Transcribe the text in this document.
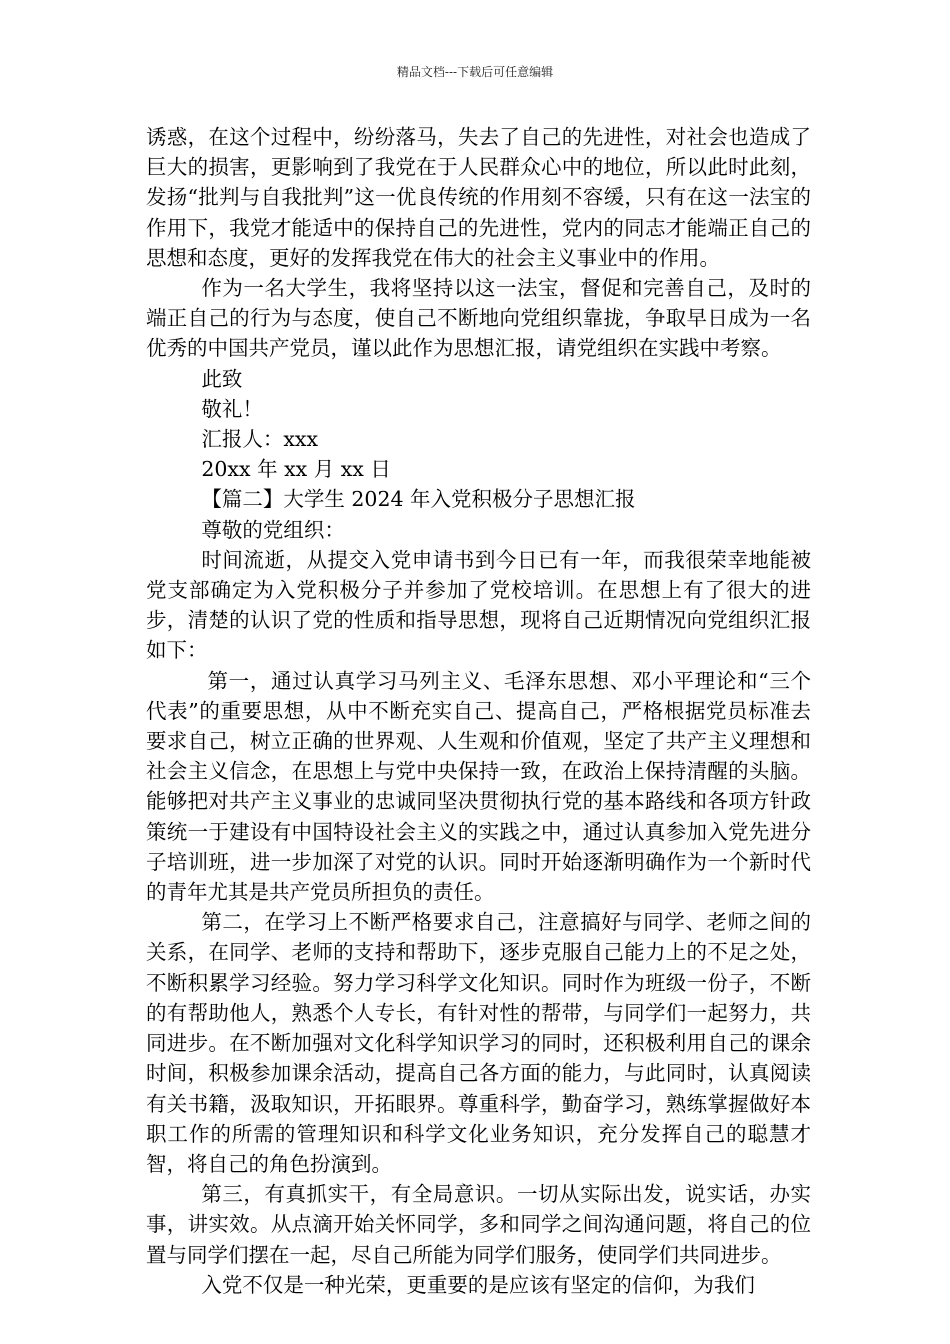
精品文档---下载后可任意编辑

诱惑，在这个过程中，纷纷落马，失去了自己的先进性，对社会也造成了巨大的损害，更影响到了我党在于人民群众心中的地位，所以此时此刻，发扬“批判与自我批判”这一优良传统的作用刻不容缓，只有在这一法宝的作用下，我党才能适中的保持自己的先进性，党内的同志才能端正自己的思想和态度，更好的发挥我党在伟大的社会主义事业中的作用。

作为一名大学生，我将坚持以这一法宝，督促和完善自己，及时的端正自己的行为与态度，使自己不断地向党组织靠拢，争取早日成为一名优秀的中国共产党员，谨以此作为思想汇报，请党组织在实践中考察。

此致

敬礼！

汇报人：xxx

20xx 年 xx 月 xx 日

【篇二】大学生 2024 年入党积极分子思想汇报

尊敬的党组织：

时间流逝，从提交入党申请书到今日已有一年，而我很荣幸地能被党支部确定为入党积极分子并参加了党校培训。在思想上有了很大的进步，清楚的认识了党的性质和指导思想，现将自己近期情况向党组织汇报如下：

第一，通过认真学习马列主义、毛泽东思想、邓小平理论和“三个代表”的重要思想，从中不断充实自己、提高自己，严格根据党员标准去要求自己，树立正确的世界观、人生观和价值观，坚定了共产主义理想和社会主义信念，在思想上与党中央保持一致，在政治上保持清醒的头脑。能够把对共产主义事业的忠诚同坚决贯彻执行党的基本路线和各项方针政策统一于建设有中国特设社会主义的实践之中，通过认真参加入党先进分子培训班，进一步加深了对党的认识。同时开始逐渐明确作为一个新时代的青年尤其是共产党员所担负的责任。

第二，在学习上不断严格要求自己，注意搞好与同学、老师之间的关系，在同学、老师的支持和帮助下，逐步克服自己能力上的不足之处，不断积累学习经验。努力学习科学文化知识。同时作为班级一份子，不断的有帮助他人，熟悉个人专长，有针对性的帮带，与同学们一起努力，共同进步。在不断加强对文化科学知识学习的同时，还积极利用自己的课余时间，积极参加课余活动，提高自己各方面的能力，与此同时，认真阅读有关书籍，汲取知识，开拓眼界。尊重科学，勤奋学习，熟练掌握做好本职工作的所需的管理知识和科学文化业务知识，充分发挥自己的聪慧才智，将自己的角色扮演到。

第三，有真抓实干，有全局意识。一切从实际出发，说实话，办实事，讲实效。从点滴开始关怀同学，多和同学之间沟通问题，将自己的位置与同学们摆在一起，尽自己所能为同学们服务，使同学们共同进步。

入党不仅是一种光荣，更重要的是应该有坚定的信仰，为我们
